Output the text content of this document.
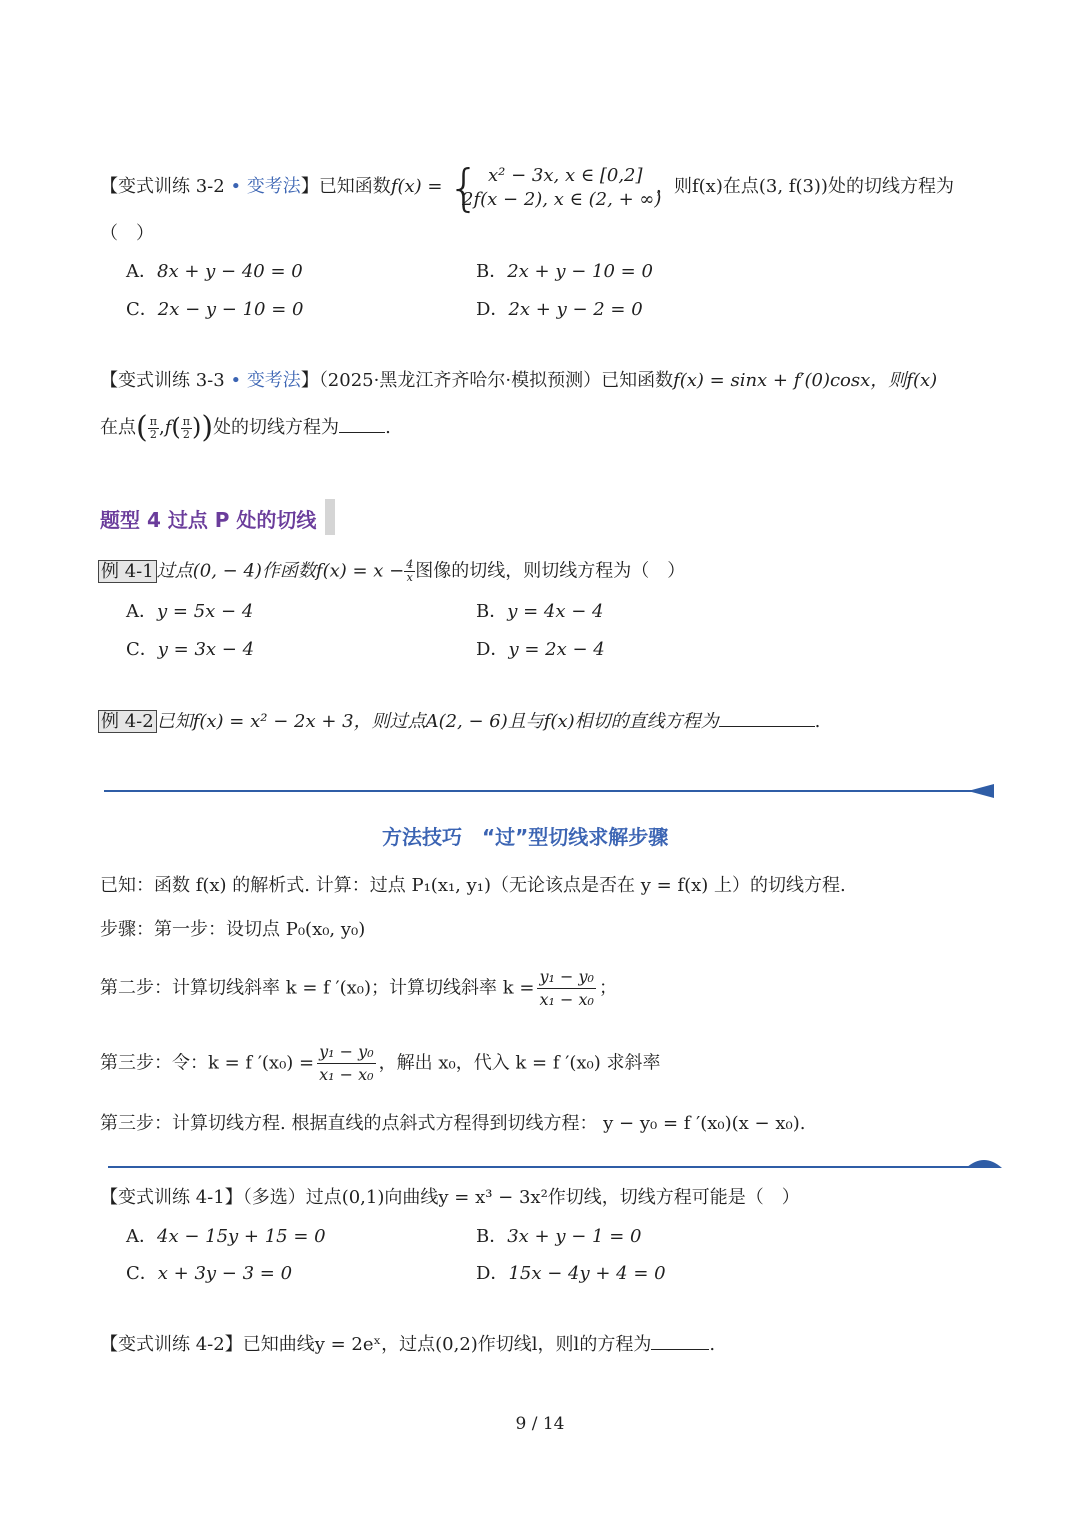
【变式训练 3-2 • 变考法】已知函数f(x) = { x² − 3x, x ∈ [0,2]
2f(x − 2), x ∈ (2, + ∞)
，则f(x)在点(3, f(3))处的切线方程为
（　）
A．8x + y − 40 = 0	B．2x + y − 10 = 0
C．2x − y − 10 = 0	D．2x + y − 2 = 0
【变式训练 3-3 • 变考法】（2025·黑龙江齐齐哈尔·模拟预测）已知函数f(x) = sinx + f′(0)cosx，则f(x)
在点( $\frac{\pi}{2} ,f( \frac{\pi}{2}$ ))处的切线方程为	.
题型 4 过点 P 处的切线
例 4-1 过点(0, − 4)作函数$f(x) = x - \frac{4}{x}$ 图像的切线，则切线方程为（　）
A．y = 5x − 4	B．y = 4x − 4
C．y = 3x − 4	D．y = 2x − 4
例 4-2 已知f(x) = x² − 2x + 3，则过点A(2, − 6)且与f(x)相切的直线方程为	.
方法技巧　“过”型切线求解步骤
已知：函数 f(x) 的解析式. 计算：过点 P₁(x₁, y₁)（无论该点是否在 y = f(x) 上）的切线方程.
步骤：第一步：设切点 P₀(x₀, y₀)
第二步：计算切线斜率 k = f ′(x₀)；计算切线斜率 $k = \frac{\text{y₁ − y₀}}{\text{x₁ − x₀}}$ ；
第三步：令：k = f $'(x_0) = \frac{\text{y₁ − y₀}}{\text{x₁ − x₀}}$ ，解出 x₀，代入 k = f ′(x₀) 求斜率
第三步：计算切线方程. 根据直线的点斜式方程得到切线方程： y − y₀ = f ′(x₀)(x − x₀).
【变式训练 4-1】（多选）过点(0,1)向曲线y = x³ − 3x²作切线，切线方程可能是（　）
A．4x − 15y + 15 = 0	B．3x + y − 1 = 0
C．x + 3y − 3 = 0	D．15x − 4y + 4 = 0
【变式训练 4-2】已知曲线y = 2eˣ，过点(0,2)作切线l，则l的方程为	.
9 / 14
